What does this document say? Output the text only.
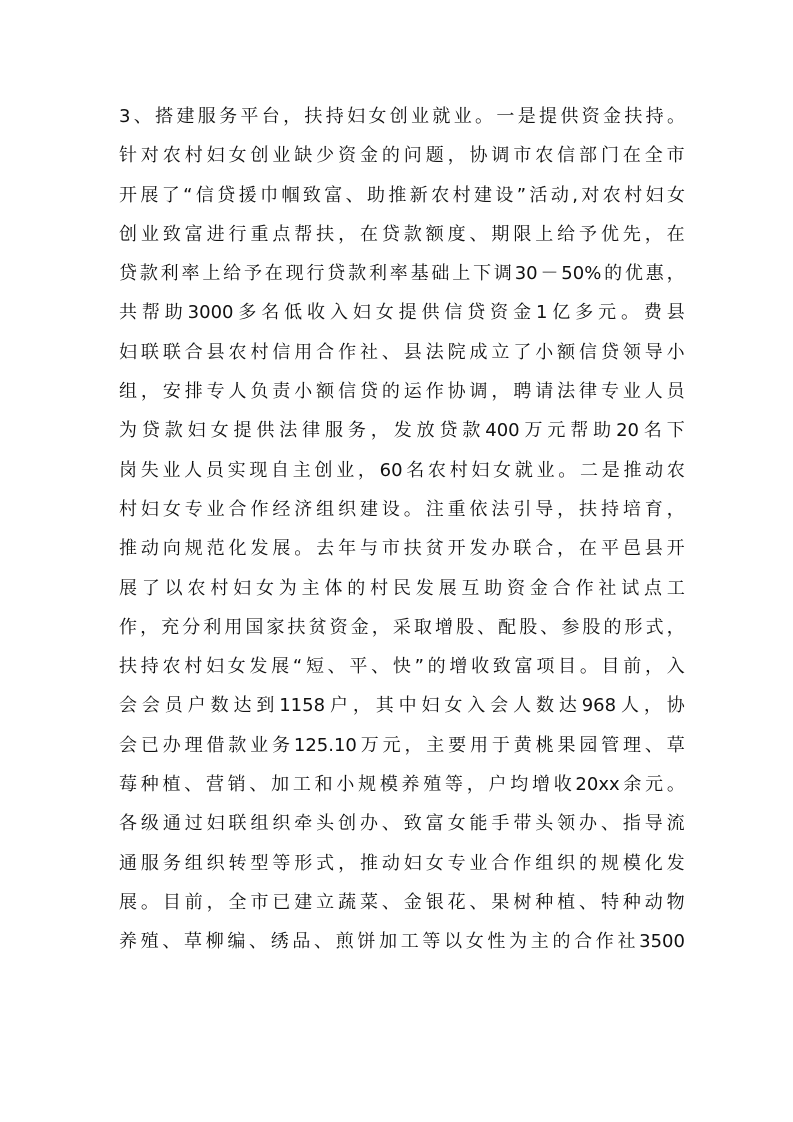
3 、 搭 建 服 务 平 台 ， 扶 持 妇 女 创 业 就 业 。 一 是 提 供 资 金 扶 持 。
针 对 农 村 妇 女 创 业 缺 少 资 金 的 问 题 ， 协 调 市 农 信 部 门 在 全 市
开 展 了 “ 信 贷 援 巾 帼 致 富 、 助 推 新 农 村 建 设 ” 活 动 , 对 农 村 妇 女
创 业 致 富 进 行 重 点 帮 扶 ， 在 贷 款 额 度 、 期 限 上 给 予 优 先 ， 在
贷 款 利 率 上 给 予 在 现 行 贷 款 利 率 基 础 上 下 调 30 － 50% 的 优 惠 ，
共 帮 助 3000 多 名 低 收 入 妇 女 提 供 信 贷 资 金 1 亿 多 元 。 费 县
妇 联 联 合 县 农 村 信 用 合 作 社 、 县 法 院 成 立 了 小 额 信 贷 领 导 小
组 ， 安 排 专 人 负 责 小 额 信 贷 的 运 作 协 调 ， 聘 请 法 律 专 业 人 员
为 贷 款 妇 女 提 供 法 律 服 务 ， 发 放 贷 款 400 万 元 帮 助 20 名 下
岗 失 业 人 员 实 现 自 主 创 业 ， 60 名 农 村 妇 女 就 业 。 二 是 推 动 农
村 妇 女 专 业 合 作 经 济 组 织 建 设 。 注 重 依 法 引 导 ， 扶 持 培 育 ，
推 动 向 规 范 化 发 展 。 去 年 与 市 扶 贫 开 发 办 联 合 ， 在 平 邑 县 开
展 了 以 农 村 妇 女 为 主 体 的 村 民 发 展 互 助 资 金 合 作 社 试 点 工
作 ， 充 分 利 用 国 家 扶 贫 资 金 ， 采 取 增 股 、 配 股 、 参 股 的 形 式 ，
扶 持 农 村 妇 女 发 展 “ 短 、 平 、 快 ” 的 增 收 致 富 项 目 。 目 前 ， 入
会 会 员 户 数 达 到 1158 户 ， 其 中 妇 女 入 会 人 数 达 968 人 ， 协
会 已 办 理 借 款 业 务 125.10 万 元 ， 主 要 用 于 黄 桃 果 园 管 理 、 草
莓 种 植 、 营 销 、 加 工 和 小 规 模 养 殖 等 ， 户 均 增 收 20xx 余 元 。
各 级 通 过 妇 联 组 织 牵 头 创 办 、 致 富 女 能 手 带 头 领 办 、 指 导 流
通 服 务 组 织 转 型 等 形 式 ， 推 动 妇 女 专 业 合 作 组 织 的 规 模 化 发
展 。 目 前 ， 全 市 已 建 立 蔬 菜 、 金 银 花 、 果 树 种 植 、 特 种 动 物
养 殖 、 草 柳 编 、 绣 品 、 煎 饼 加 工 等 以 女 性 为 主 的 合 作 社 3500
